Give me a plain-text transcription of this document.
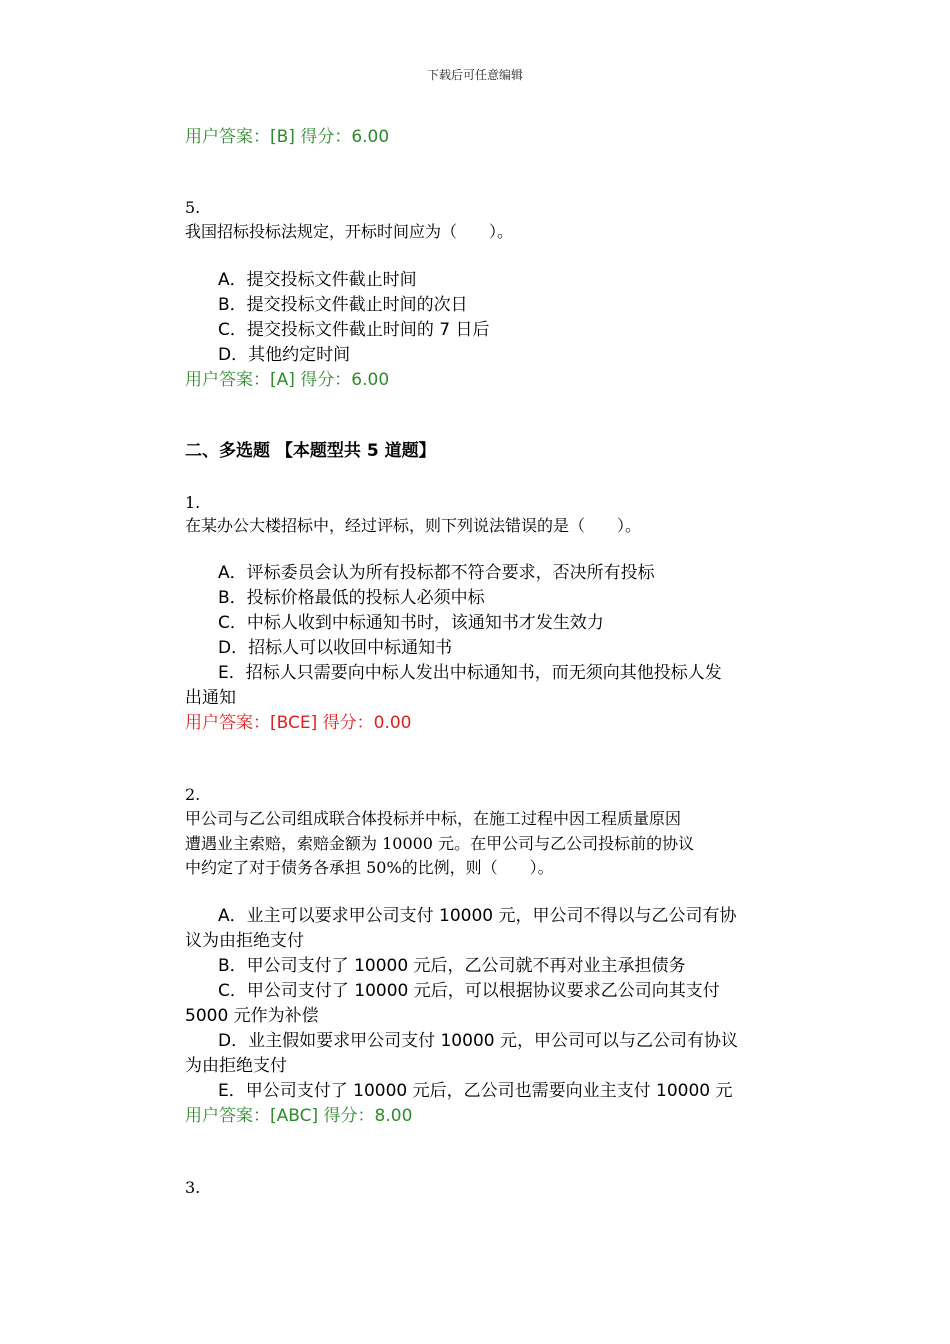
下载后可任意编辑
用户答案：[B] 得分：6.00
5.
我国招标投标法规定，开标时间应为（　　）。
A．提交投标文件截止时间
B．提交投标文件截止时间的次日
C．提交投标文件截止时间的 7 日后
D．其他约定时间
用户答案：[A] 得分：6.00
二、多选题 【本题型共 5 道题】
1.
在某办公大楼招标中，经过评标，则下列说法错误的是（　　）。
A．评标委员会认为所有投标都不符合要求，否决所有投标
B．投标价格最低的投标人必须中标
C．中标人收到中标通知书时，该通知书才发生效力
D．招标人可以收回中标通知书
E．招标人只需要向中标人发出中标通知书，而无须向其他投标人发
出通知
用户答案：[BCE] 得分：0.00
2.
甲公司与乙公司组成联合体投标并中标，在施工过程中因工程质量原因
遭遇业主索赔，索赔金额为 10000 元。在甲公司与乙公司投标前的协议
中约定了对于债务各承担 50%的比例，则（　　）。
A．业主可以要求甲公司支付 10000 元，甲公司不得以与乙公司有协
议为由拒绝支付
B．甲公司支付了 10000 元后，乙公司就不再对业主承担债务
C．甲公司支付了 10000 元后，可以根据协议要求乙公司向其支付
5000 元作为补偿
D．业主假如要求甲公司支付 10000 元，甲公司可以与乙公司有协议
为由拒绝支付
E．甲公司支付了 10000 元后，乙公司也需要向业主支付 10000 元
用户答案：[ABC] 得分：8.00
3.
